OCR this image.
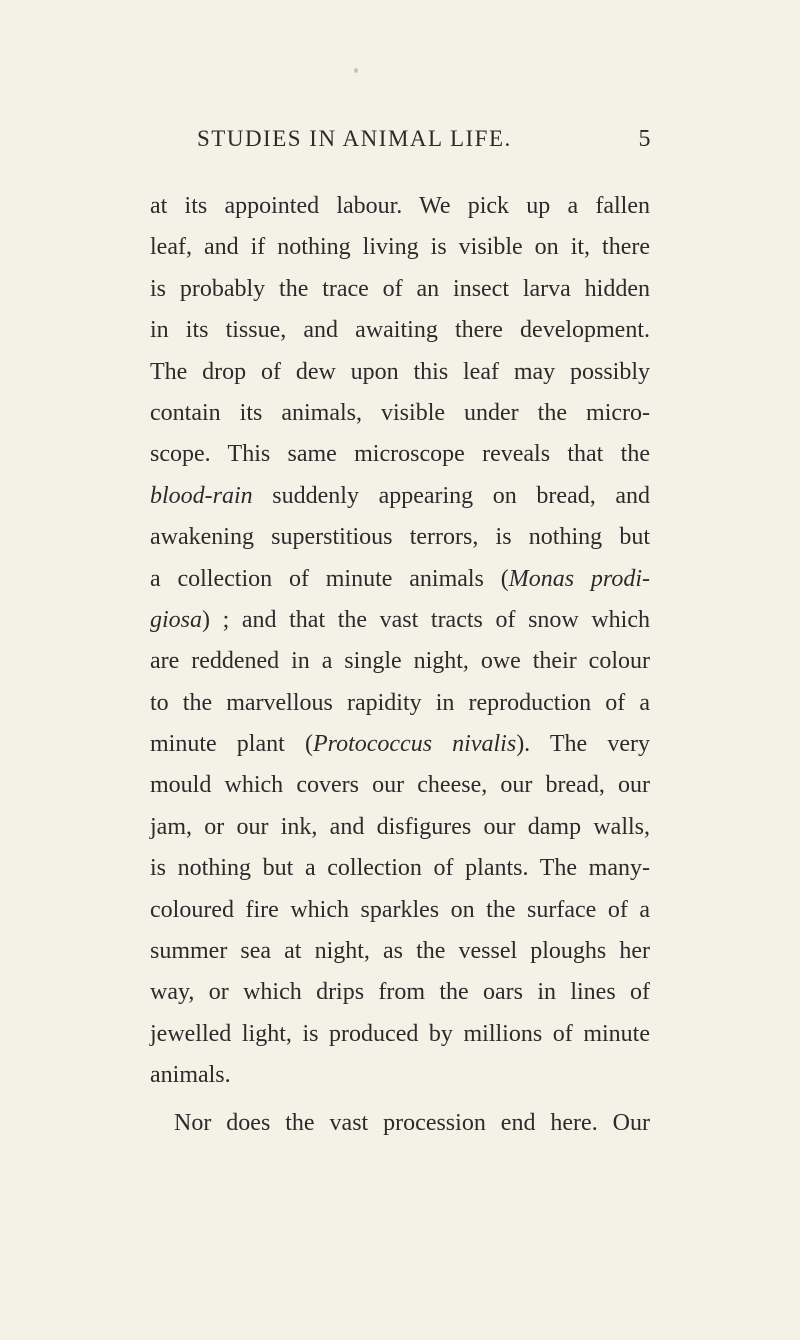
STUDIES IN ANIMAL LIFE.	5
at its appointed labour. We pick up a fallen
leaf, and if nothing living is visible on it, there
is probably the trace of an insect larva hidden
in its tissue, and awaiting there development.
The drop of dew upon this leaf may possibly
contain its animals, visible under the micro-
scope. This same microscope reveals that the
blood-rain suddenly appearing on bread, and
awakening superstitious terrors, is nothing but
a collection of minute animals (Monas prodi-
giosa) ; and that the vast tracts of snow which
are reddened in a single night, owe their colour
to the marvellous rapidity in reproduction of a
minute plant (Protococcus nivalis). The very
mould which covers our cheese, our bread, our
jam, or our ink, and disfigures our damp walls,
is nothing but a collection of plants. The many-
coloured fire which sparkles on the surface of a
summer sea at night, as the vessel ploughs her
way, or which drips from the oars in lines of
jewelled light, is produced by millions of minute
animals.
Nor does the vast procession end here. Our
